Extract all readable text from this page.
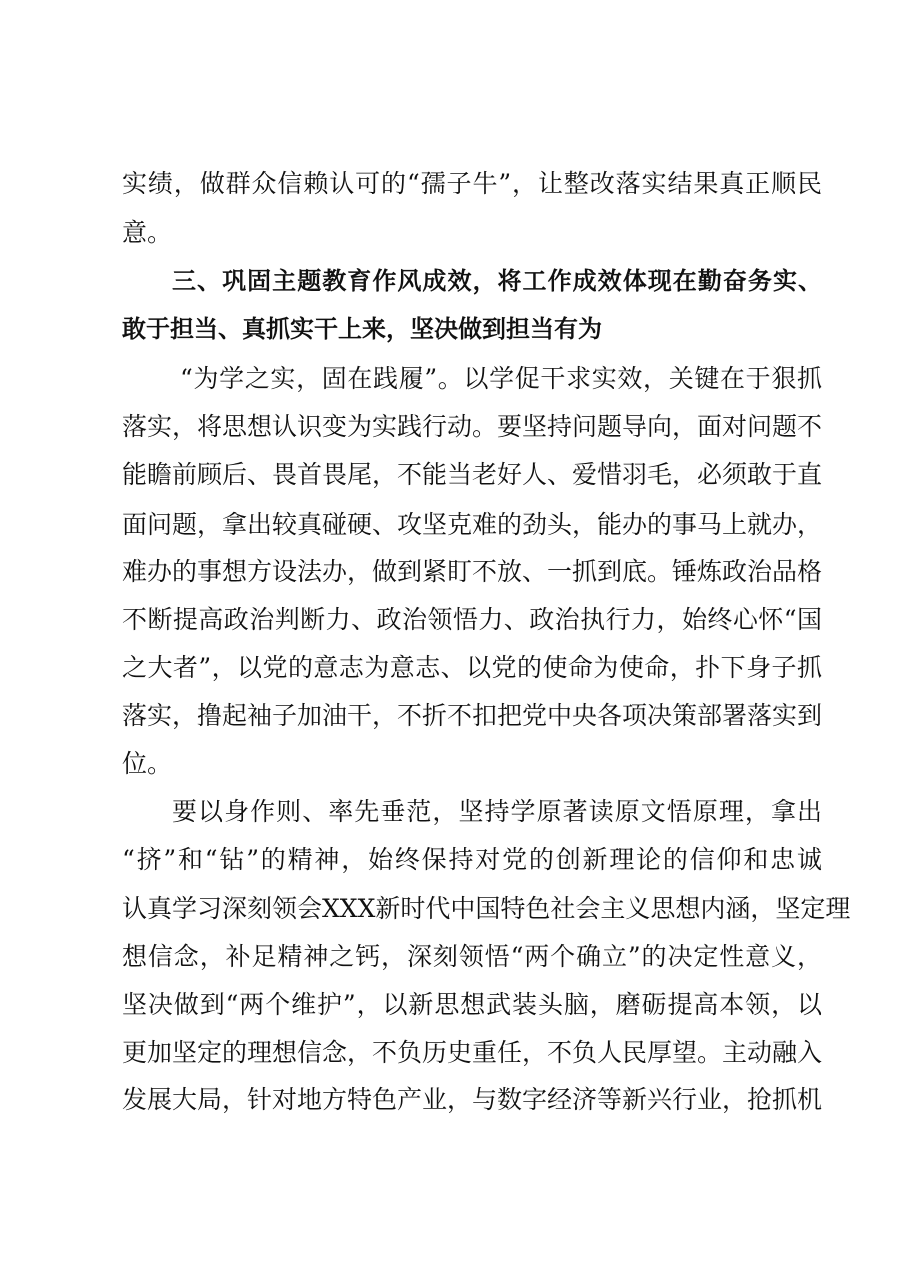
实绩，做群众信赖认可的“孺子牛”，让整改落实结果真正顺民
意。
三、巩固主题教育作风成效，将工作成效体现在勤奋务实、
敢于担当、真抓实干上来，坚决做到担当有为
“为学之实，固在践履”。以学促干求实效，关键在于狠抓
落实，将思想认识变为实践行动。要坚持问题导向，面对问题不
能瞻前顾后、畏首畏尾，不能当老好人、爱惜羽毛，必须敢于直
面问题，拿出较真碰硬、攻坚克难的劲头，能办的事马上就办，
难办的事想方设法办，做到紧盯不放、一抓到底。锤炼政治品格
不断提高政治判断力、政治领悟力、政治执行力，始终心怀“国
之大者”，以党的意志为意志、以党的使命为使命，扑下身子抓
落实，撸起袖子加油干，不折不扣把党中央各项决策部署落实到
位。
要以身作则、率先垂范，坚持学原著读原文悟原理，拿出
“挤”和“钻”的精神，始终保持对党的创新理论的信仰和忠诚
认真学习深刻领会XXX新时代中国特色社会主义思想内涵，坚定理
想信念，补足精神之钙，深刻领悟“两个确立”的决定性意义，
坚决做到“两个维护”，以新思想武装头脑，磨砺提高本领，以
更加坚定的理想信念，不负历史重任，不负人民厚望。主动融入
发展大局，针对地方特色产业，与数字经济等新兴行业，抢抓机
